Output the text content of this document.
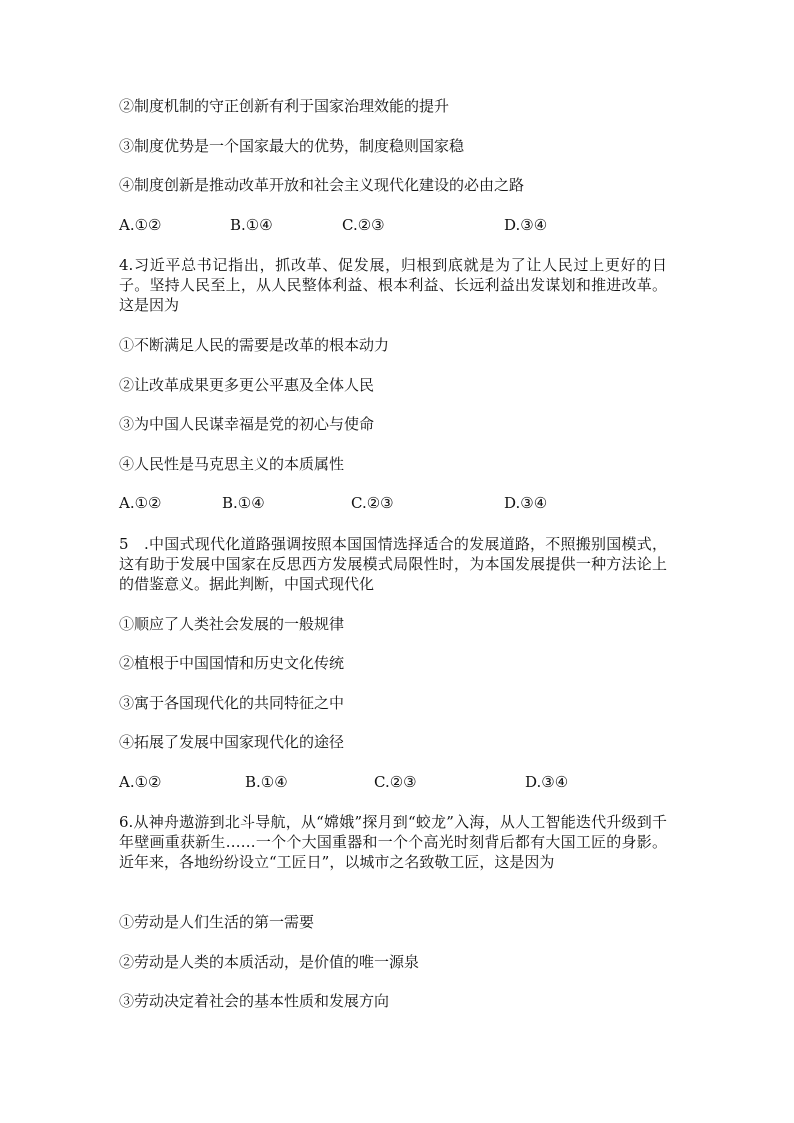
②制度机制的守正创新有利于国家治理效能的提升
③制度优势是一个国家最大的优势，制度稳则国家稳
④制度创新是推动改革开放和社会主义现代化建设的必由之路
A.①②	B.①④	C.②③	D.③④
4.习近平总书记指出，抓改革、促发展，归根到底就是为了让人民过上更好的日子。坚持人民至上，从人民整体利益、根本利益、长远利益出发谋划和推进改革。这是因为
①不断满足人民的需要是改革的根本动力
②让改革成果更多更公平惠及全体人民
③为中国人民谋幸福是党的初心与使命
④人民性是马克思主义的本质属性
A.①②	B.①④	C.②③	D.③④
5　.中国式现代化道路强调按照本国国情选择适合的发展道路，不照搬别国模式，这有助于发展中国家在反思西方发展模式局限性时，为本国发展提供一种方法论上的借鉴意义。据此判断，中国式现代化
①顺应了人类社会发展的一般规律
②植根于中国国情和历史文化传统
③寓于各国现代化的共同特征之中
④拓展了发展中国家现代化的途径
A.①②	B.①④	C.②③	D.③④
6.从神舟遨游到北斗导航，从“嫦娥”探月到“蛟龙”入海，从人工智能迭代升级到千年壁画重获新生……一个个大国重器和一个个高光时刻背后都有大国工匠的身影。近年来，各地纷纷设立“工匠日”，以城市之名致敬工匠，这是因为
①劳动是人们生活的第一需要
②劳动是人类的本质活动，是价值的唯一源泉
③劳动决定着社会的基本性质和发展方向
